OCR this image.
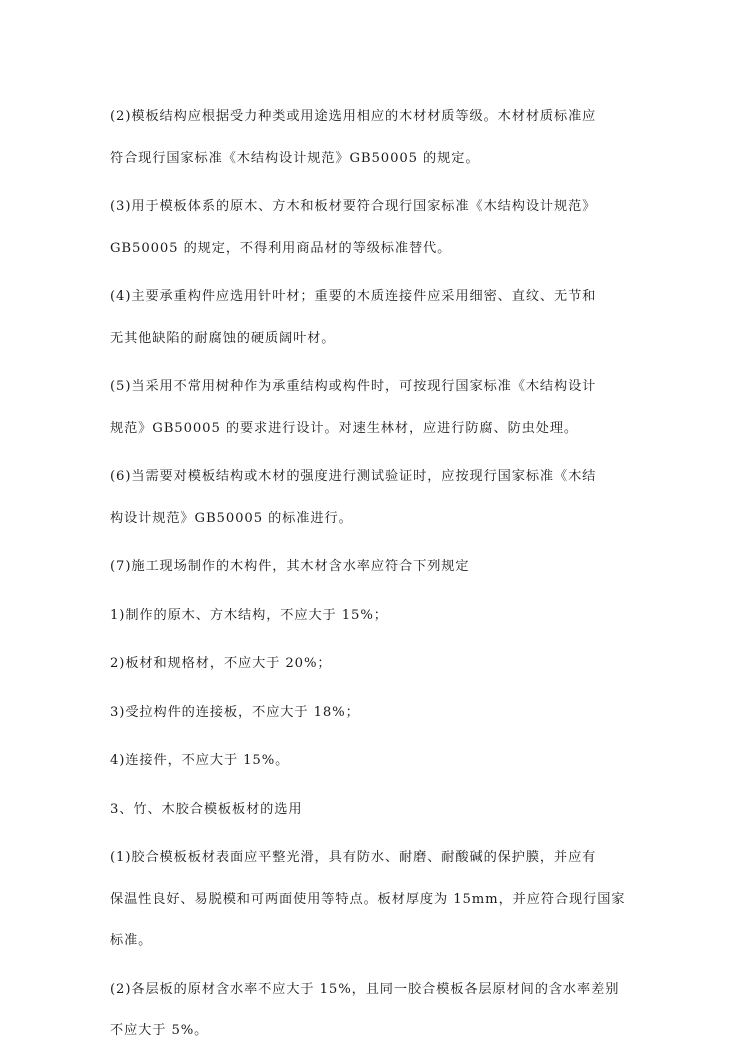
(2)模板结构应根据受力种类或用途选用相应的木材材质等级。木材材质标准应
符合现行国家标准《木结构设计规范》GB50005 的规定。

(3)用于模板体系的原木、方木和板材要符合现行国家标准《木结构设计规范》
GB50005 的规定，不得利用商品材的等级标准替代。

(4)主要承重构件应选用针叶材；重要的木质连接件应采用细密、直纹、无节和
无其他缺陷的耐腐蚀的硬质阔叶材。

(5)当采用不常用树种作为承重结构或构件时，可按现行国家标准《木结构设计
规范》GB50005 的要求进行设计。对速生林材，应进行防腐、防虫处理。

(6)当需要对模板结构或木材的强度进行测试验证时，应按现行国家标准《木结
构设计规范》GB50005 的标准进行。

(7)施工现场制作的木构件，其木材含水率应符合下列规定

1)制作的原木、方木结构，不应大于 15%；

2)板材和规格材，不应大于 20%；

3)受拉构件的连接板，不应大于 18%；

4)连接件，不应大于 15%。

3、竹、木胶合模板板材的选用

(1)胶合模板板材表面应平整光滑，具有防水、耐磨、耐酸碱的保护膜，并应有
保温性良好、易脱模和可两面使用等特点。板材厚度为 15mm，并应符合现行国家
标准。

(2)各层板的原材含水率不应大于 15%，且同一胶合模板各层原材间的含水率差别
不应大于 5%。
